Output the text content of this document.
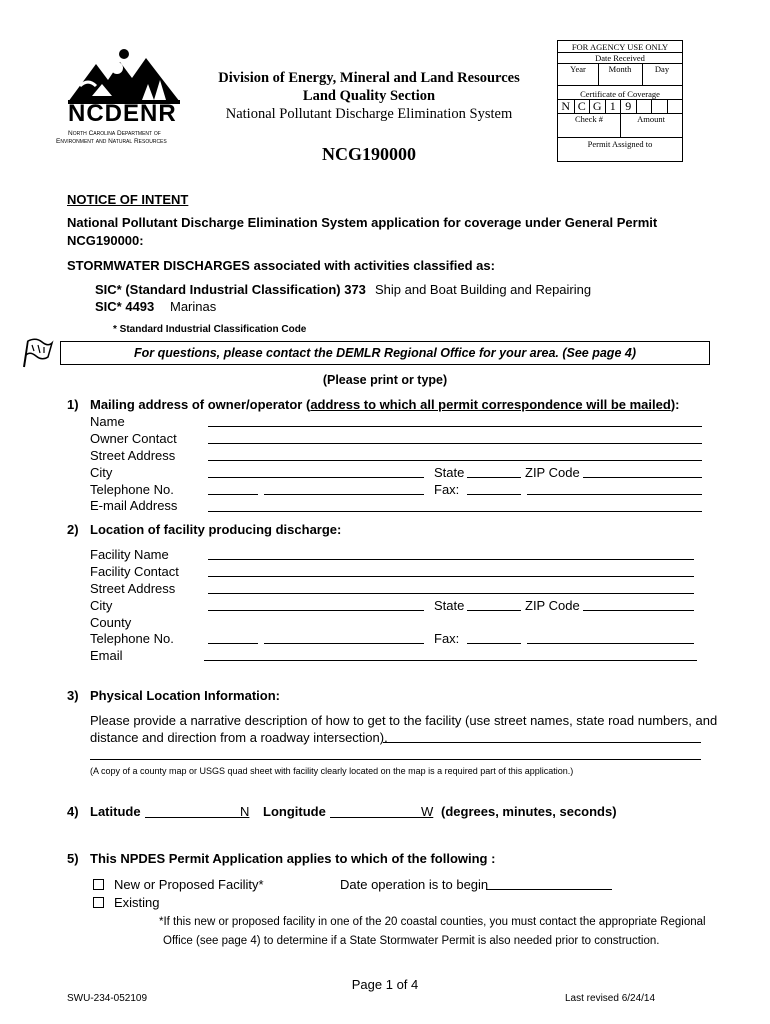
NCDENR
North Carolina Department of
Environment and Natural Resources
Division of Energy, Mineral and Land Resources
Land Quality Section
National Pollutant Discharge Elimination System
NCG190000
FOR AGENCY USE ONLY
Date Received
Year	Month	Day
Certificate of Coverage
N C G 1 9
Check #	Amount
Permit Assigned to
NOTICE OF INTENT
National Pollutant Discharge Elimination System application for coverage under General Permit
NCG190000:
STORMWATER DISCHARGES associated with activities classified as:
SIC* (Standard Industrial Classification) 373 Ship and Boat Building and Repairing
SIC* 4493 Marinas
* Standard Industrial Classification Code
For questions, please contact the DEMLR Regional Office for your area. (See page 4)
(Please print or type)
1) Mailing address of owner/operator (address to which all permit correspondence will be mailed):
Name
Owner Contact
Street Address
City	State	ZIP Code
Telephone No.	Fax:
E-mail Address
2) Location of facility producing discharge:
Facility Name
Facility Contact
Street Address
City	State	ZIP Code
County
Telephone No.	Fax:
Email
3) Physical Location Information:
Please provide a narrative description of how to get to the facility (use street names, state road numbers, and
distance and direction from a roadway intersection).
(A copy of a county map or USGS quad sheet with facility clearly located on the map is a required part of this application.)
4) Latitude	N Longitude	W (degrees, minutes, seconds)
5) This NPDES Permit Application applies to which of the following :
New or Proposed Facility*	Date operation is to begin
Existing
*If this new or proposed facility in one of the 20 coastal counties, you must contact the appropriate Regional
Office (see page 4) to determine if a State Stormwater Permit is also needed prior to construction.
Page 1 of 4
SWU-234-052109	Last revised 6/24/14
